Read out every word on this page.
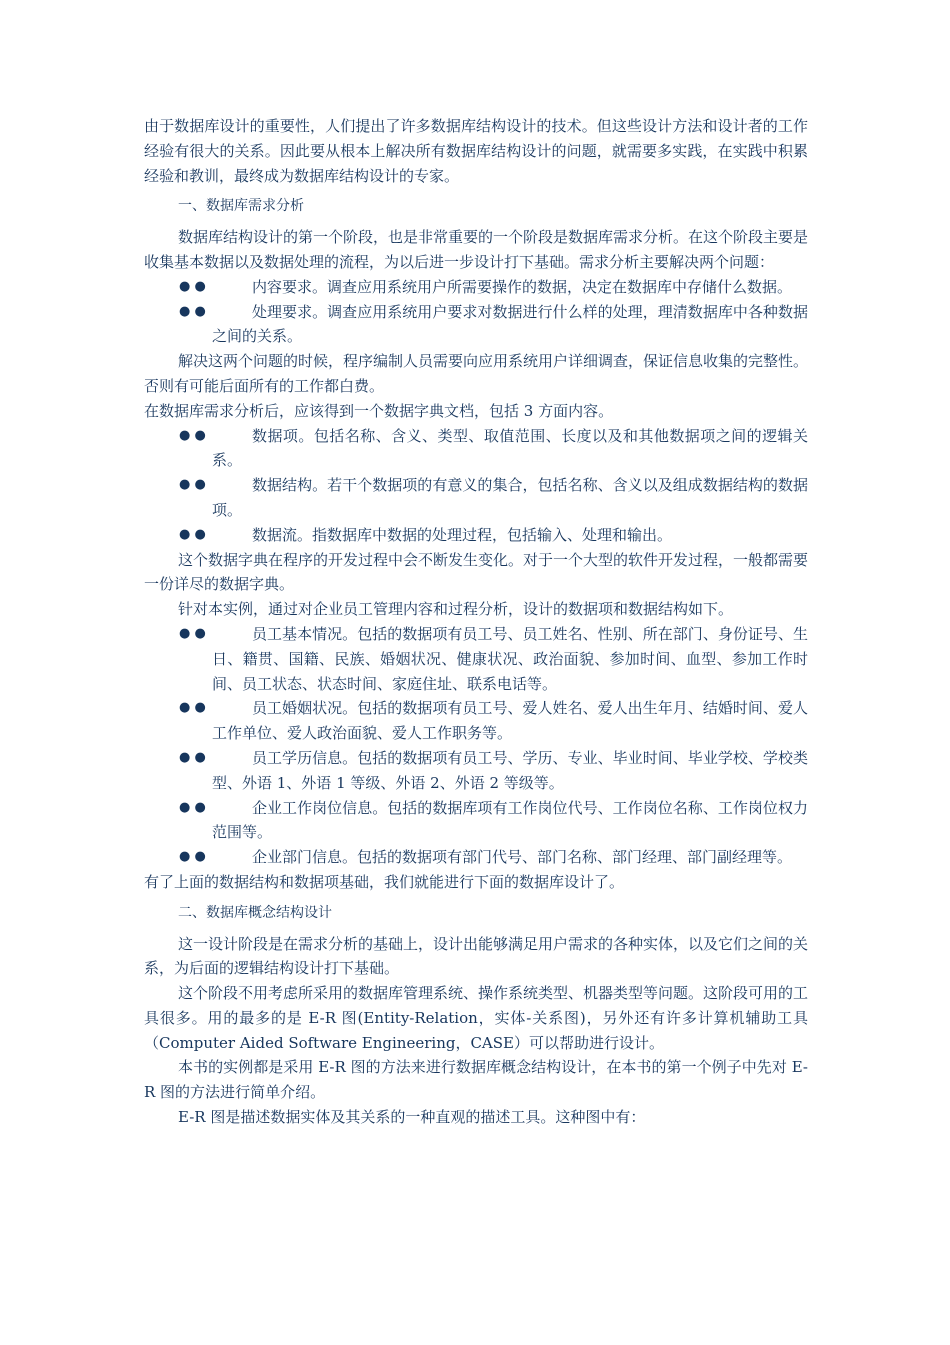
由于数据库设计的重要性，人们提出了许多数据库结构设计的技术。但这些设计方法和设计者的工作经验有很大的关系。因此要从根本上解决所有数据库结构设计的问题，就需要多实践，在实践中积累经验和教训，最终成为数据库结构设计的专家。

一、数据库需求分析

数据库结构设计的第一个阶段，也是非常重要的一个阶段是数据库需求分析。在这个阶段主要是收集基本数据以及数据处理的流程，为以后进一步设计打下基础。需求分析主要解决两个问题：

● ●	内容要求。调查应用系统用户所需要操作的数据，决定在数据库中存储什么数据。
● ●	处理要求。调查应用系统用户要求对数据进行什么样的处理，理清数据库中各种数据之间的关系。

解决这两个问题的时候，程序编制人员需要向应用系统用户详细调查，保证信息收集的完整性。否则有可能后面所有的工作都白费。

在数据库需求分析后，应该得到一个数据字典文档，包括 3 方面内容。

● ●	数据项。包括名称、含义、类型、取值范围、长度以及和其他数据项之间的逻辑关系。
● ●	数据结构。若干个数据项的有意义的集合，包括名称、含义以及组成数据结构的数据项。
● ●	数据流。指数据库中数据的处理过程，包括输入、处理和输出。

这个数据字典在程序的开发过程中会不断发生变化。对于一个大型的软件开发过程，一般都需要一份详尽的数据字典。

针对本实例，通过对企业员工管理内容和过程分析，设计的数据项和数据结构如下。

● ●	员工基本情况。包括的数据项有员工号、员工姓名、性别、所在部门、身份证号、生日、籍贯、国籍、民族、婚姻状况、健康状况、政治面貌、参加时间、血型、参加工作时间、员工状态、状态时间、家庭住址、联系电话等。
● ●	员工婚姻状况。包括的数据项有员工号、爱人姓名、爱人出生年月、结婚时间、爱人工作单位、爱人政治面貌、爱人工作职务等。
● ●	员工学历信息。包括的数据项有员工号、学历、专业、毕业时间、毕业学校、学校类型、外语 1、外语 1 等级、外语 2、外语 2 等级等。
● ●	企业工作岗位信息。包括的数据库项有工作岗位代号、工作岗位名称、工作岗位权力范围等。
● ●	企业部门信息。包括的数据项有部门代号、部门名称、部门经理、部门副经理等。

有了上面的数据结构和数据项基础，我们就能进行下面的数据库设计了。

二、数据库概念结构设计

这一设计阶段是在需求分析的基础上，设计出能够满足用户需求的各种实体，以及它们之间的关系，为后面的逻辑结构设计打下基础。

这个阶段不用考虑所采用的数据库管理系统、操作系统类型、机器类型等问题。这阶段可用的工具很多。用的最多的是 E-R 图(Entity-Relation，实体-关系图)，另外还有许多计算机辅助工具（Computer Aided Software Engineering，CASE）可以帮助进行设计。

本书的实例都是采用 E-R 图的方法来进行数据库概念结构设计，在本书的第一个例子中先对 E-R 图的方法进行简单介绍。

E-R 图是描述数据实体及其关系的一种直观的描述工具。这种图中有：
